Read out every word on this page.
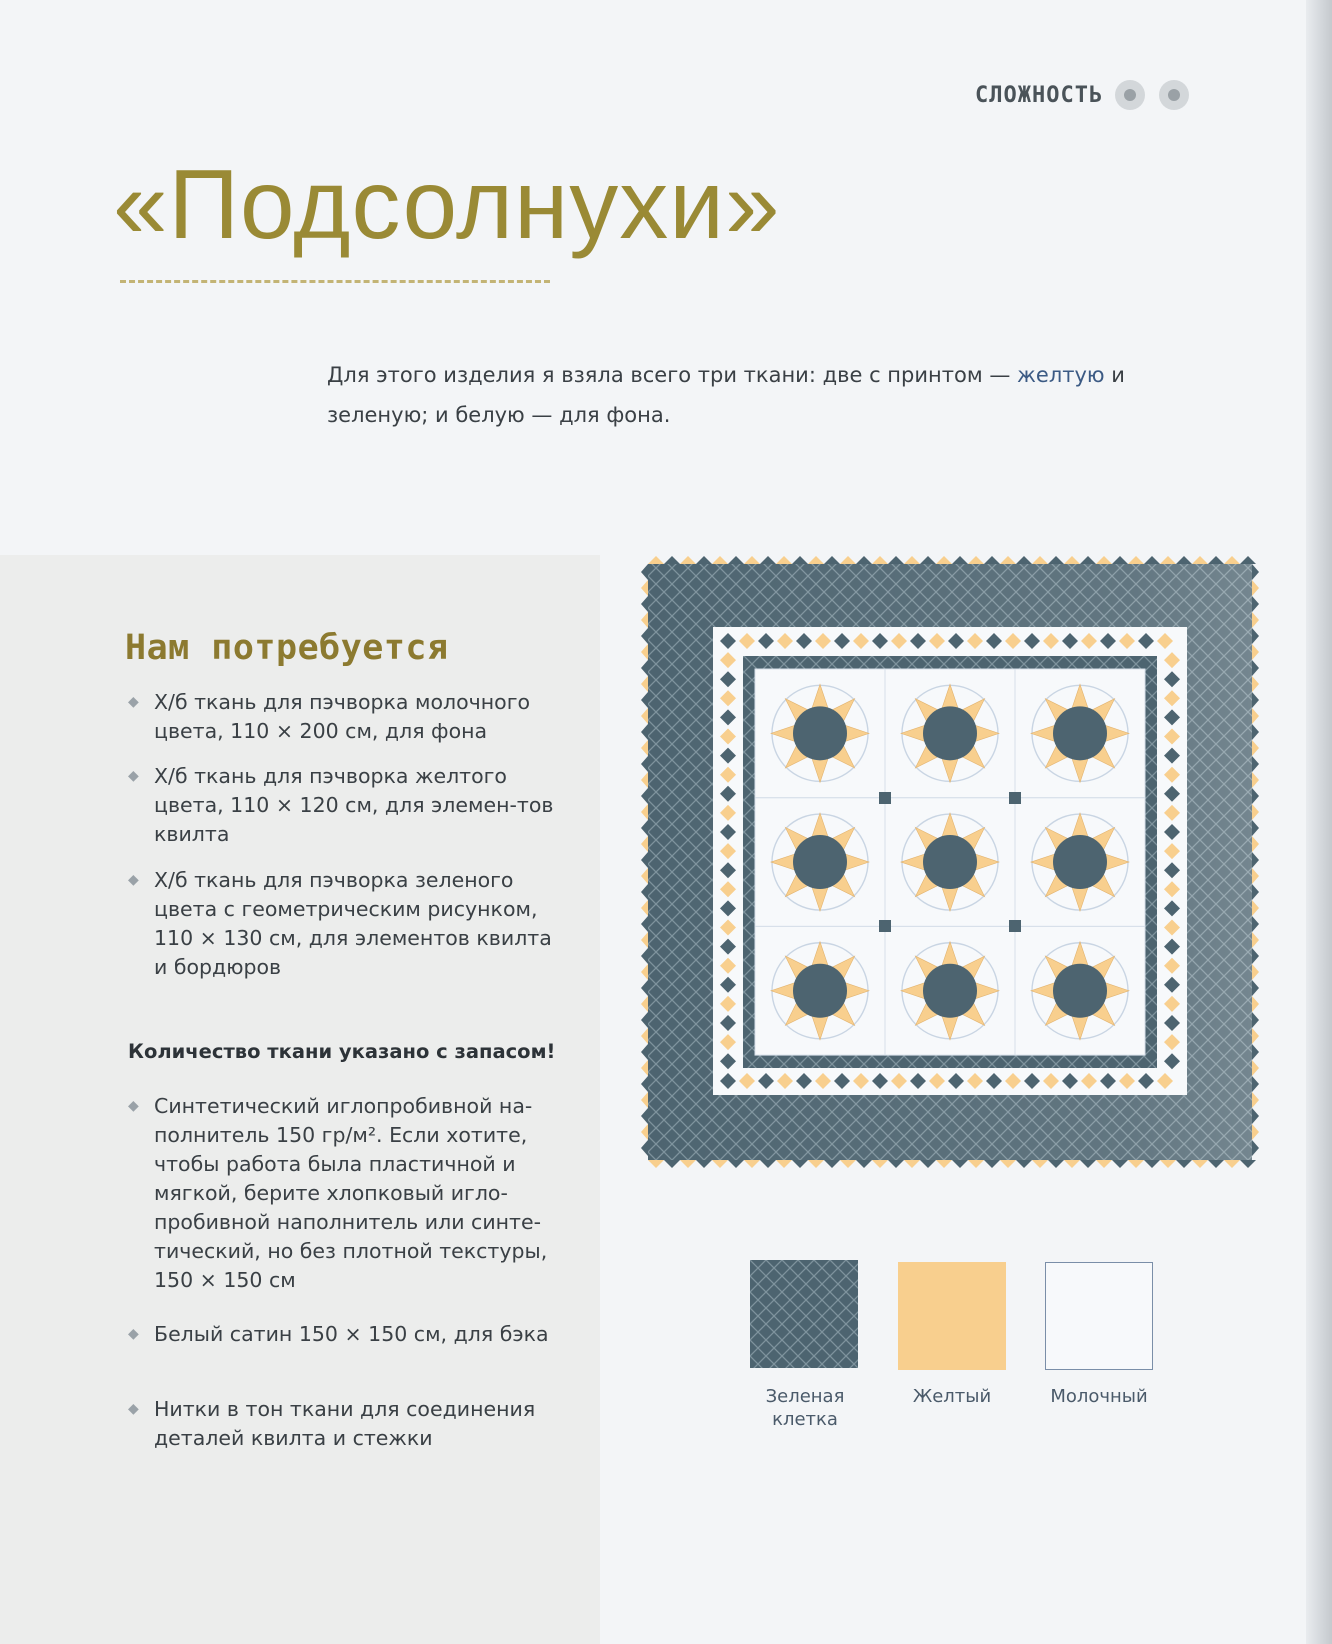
СЛОЖНОСТЬ
«Подсолнухи»

Для этого изделия я взяла всего три ткани: две с принтом — желтую и зеленую; и белую — для фона.

Нам потребуется
◆ Х/б ткань для пэчворка молочного цвета, 110 × 200 см, для фона
◆ Х/б ткань для пэчворка желтого цвета, 110 × 120 см, для элемен-тов квилта
◆ Х/б ткань для пэчворка зеленого цвета с геометрическим рисунком, 110 × 130 см, для элементов квилта и бордюров
Количество ткани указано с запасом!
◆ Синтетический иглопробивной на-полнитель 150 гр/м². Если хотите, чтобы работа была пластичной и мягкой, берите хлопковый игло-пробивной наполнитель или синте-тический, но без плотной текстуры, 150 × 150 см
◆ Белый сатин 150 × 150 см, для бэка
◆ Нитки в тон ткани для соединения деталей квилта и стежки
Зеленая клетка
Желтый	Молочный
